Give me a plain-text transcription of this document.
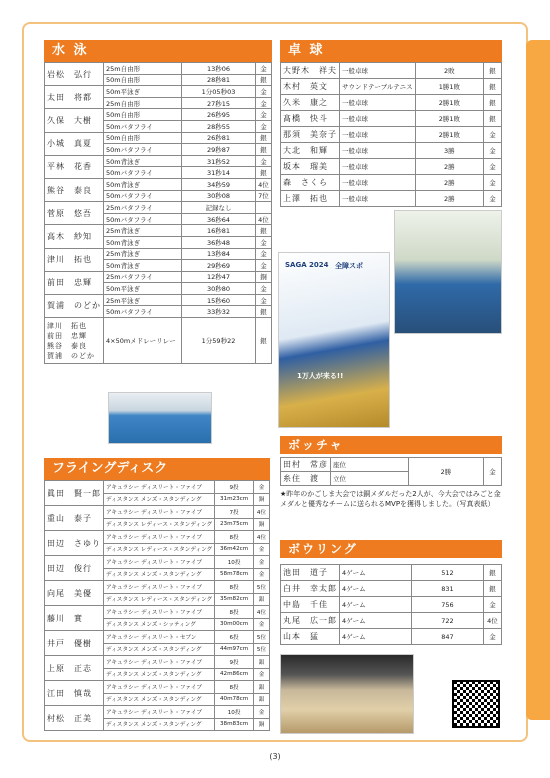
水 泳
岩松　弘行	25m自由形	13秒06	金
	50m自由形	28秒81	銀
太田　将都	50m平泳ぎ	1分05秒03	金
	25m自由形	27秒15	金
久保　大樹	50m自由形	26秒95	金
	50mバタフライ	28秒55	金
小城　真夏	50m自由形	26秒81	銀
	50mバタフライ	29秒87	銀
平林　花香	50m背泳ぎ	31秒52	金
	50mバタフライ	31秒14	銀
熊谷　泰良	50m背泳ぎ	34秒59	4位
	50mバタフライ	30秒08	7位
菅原　悠吾	25mバタフライ	記録なし	
	50mバタフライ	36秒64	4位
高木　紗知	25m背泳ぎ	16秒81	銀
	50m背泳ぎ	36秒48	金
津川　拓也	25m背泳ぎ	13秒84	金
	50m背泳ぎ	29秒69	金
前田　忠輝	25mバタフライ	12秒47	銅
	50m平泳ぎ	30秒80	金
賀浦　のどか	25m平泳ぎ	15秒60	金
	50mバタフライ	33秒32	銀

津川　拓也
前田　忠輝
熊谷　泰良
賀浦　のどか	4×50mメドレーリレー	1分59秒22	銀
卓 球
大野木　祥夫	一般卓球	2敗	銀
木村　英文	サウンドテーブルテニス	1勝1敗	銀
久米　康之	一般卓球	2勝1敗	銀
髙橋　快斗	一般卓球	2勝1敗	銀
那須　美奈子	一般卓球	2勝1敗	金
大北　和輝	一般卓球	3勝	金
坂本　瑠美	一般卓球	2勝	金
森　さくら	一般卓球	2勝	金
上澤　拓也	一般卓球	2勝	金
SAGA 2024 全障スポ
1万人が来る!!
フライングディスク
眞田　賢一郎	アキュラシー ディスリート・ファイブ	9投	金
	ディスタンス メンズ・スタンディング	31m23cm	銅
重山　泰子	アキュラシー ディスリート・ファイブ	7投	4位
	ディスタンス レディース・スタンディング	23m75cm	銅
田辺　さゆり	アキュラシー ディスリート・ファイブ	8投	4位
	ディスタンス レディース・スタンディング	36m42cm	金
田辺　俊行	アキュラシー ディスリート・ファイブ	10投	金
	ディスタンス メンズ・スタンディング	58m78cm	金
向尾　美優	アキュラシー ディスリート・ファイブ	8投	5位
	ディスタンス レディース・スタンディング	35m82cm	銀
藤川　實	アキュラシー ディスリート・ファイブ	8投	4位
	ディスタンス メンズ・シッティング	30m00cm	金
井戸　優樹	アキュラシー ディスリート・セブン	6投	5位
	ディスタンス メンズ・スタンディング	44m97cm	5位
上原　正志	アキュラシー ディスリート・ファイブ	9投	銀
	ディスタンス メンズ・スタンディング	42m86cm	金
江田　慎哉	アキュラシー ディスリート・ファイブ	8投	銀
	ディスタンス メンズ・スタンディング	40m78cm	銀
村松　正美	アキュラシー ディスリート・ファイブ	10投	金
	ディスタンス メンズ・スタンディング	38m83cm	銅
ボッチャ
田村　常彦	座位	2勝	金
糸住　渡	立位		
★昨年のかごしま大会では銅メダルだった2人が、今大会ではみごと金メダルと優秀なチームに送られるMVPを獲得しました。（写真表紙）
ボウリング
池田　道子	4ゲーム	512	銀
白井　幸太郎	4ゲーム	831	銀
中島　千佳	4ゲーム	756	金
丸尾　広一郎	4ゲーム	722	4位
山本　猛	4ゲーム	847	金
(3)
